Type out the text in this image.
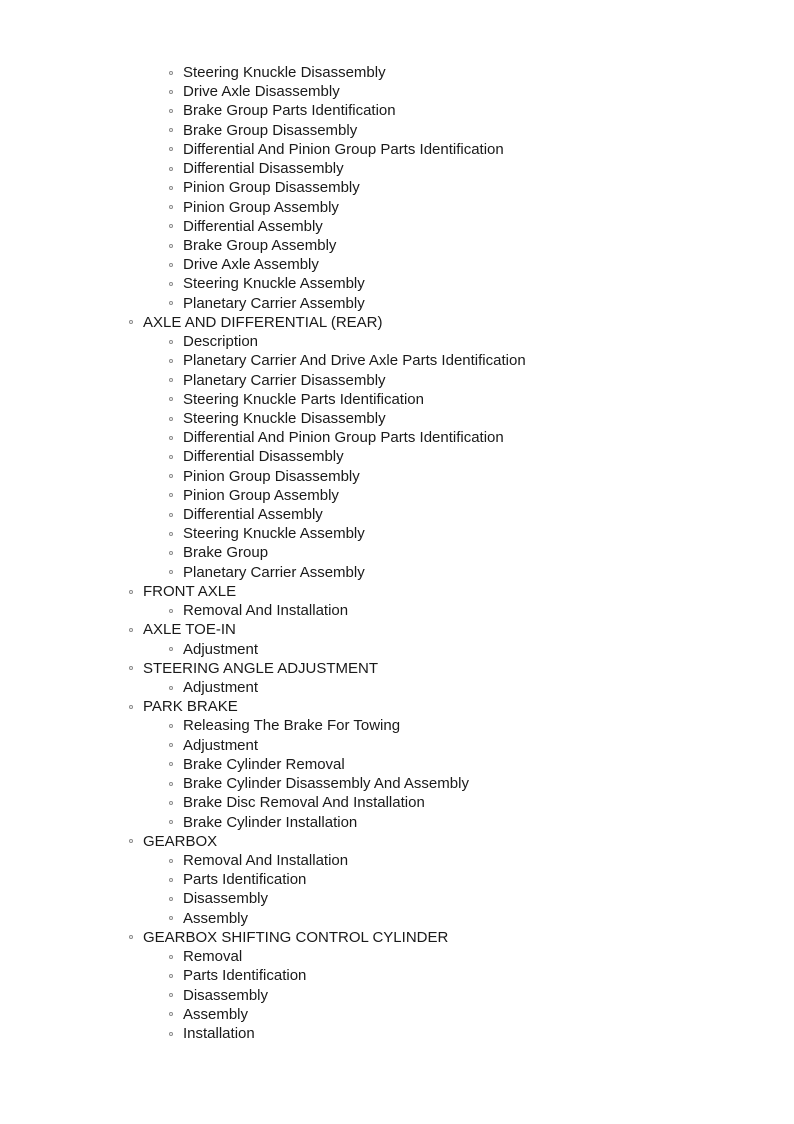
Steering Knuckle Disassembly
Drive Axle Disassembly
Brake Group Parts Identification
Brake Group Disassembly
Differential And Pinion Group Parts Identification
Differential Disassembly
Pinion Group Disassembly
Pinion Group Assembly
Differential Assembly
Brake Group Assembly
Drive Axle Assembly
Steering Knuckle Assembly
Planetary Carrier Assembly
AXLE AND DIFFERENTIAL (REAR)
Description
Planetary Carrier And Drive Axle Parts Identification
Planetary Carrier Disassembly
Steering Knuckle Parts Identification
Steering Knuckle Disassembly
Differential And Pinion Group Parts Identification
Differential Disassembly
Pinion Group Disassembly
Pinion Group Assembly
Differential Assembly
Steering Knuckle Assembly
Brake Group
Planetary Carrier Assembly
FRONT AXLE
Removal And Installation
AXLE TOE-IN
Adjustment
STEERING ANGLE ADJUSTMENT
Adjustment
PARK BRAKE
Releasing The Brake For Towing
Adjustment
Brake Cylinder Removal
Brake Cylinder Disassembly And Assembly
Brake Disc Removal And Installation
Brake Cylinder Installation
GEARBOX
Removal And Installation
Parts Identification
Disassembly
Assembly
GEARBOX SHIFTING CONTROL CYLINDER
Removal
Parts Identification
Disassembly
Assembly
Installation
